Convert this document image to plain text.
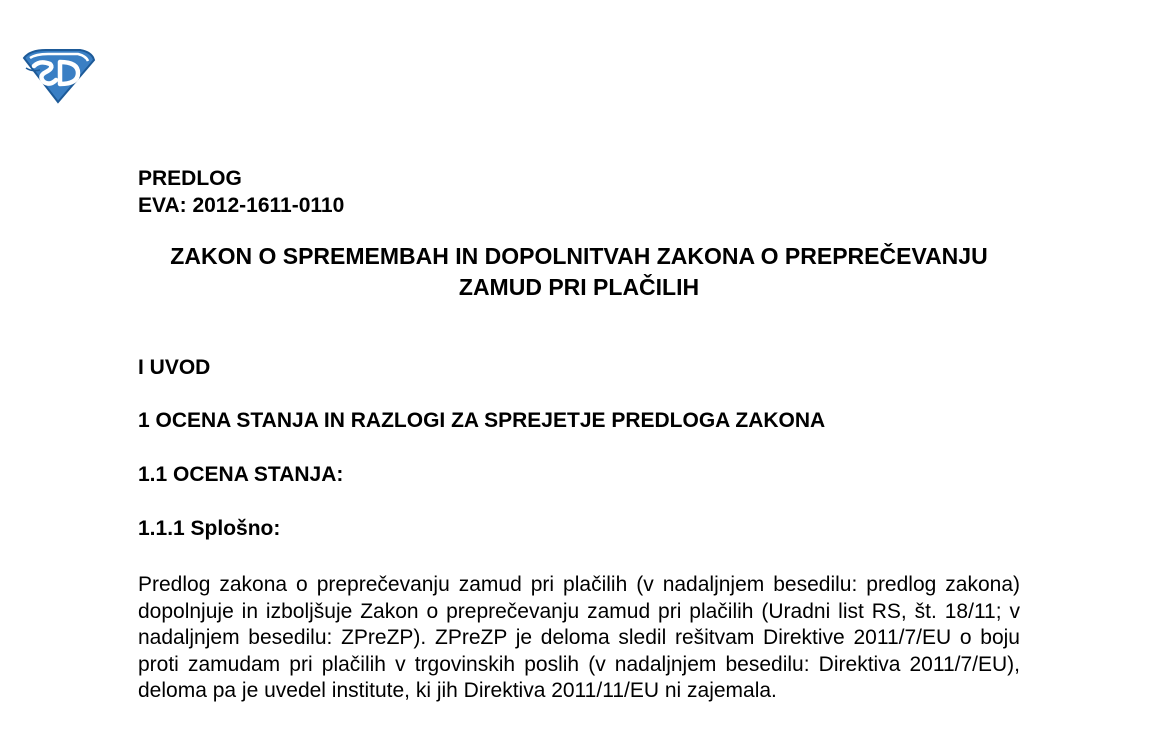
PREDLOG

EVA: 2012-1611-0110

ZAKON O SPREMEMBAH IN DOPOLNITVAH ZAKONA O PREPREČEVANJU ZAMUD PRI PLAČILIH

I UVOD

1 OCENA STANJA IN RAZLOGI ZA SPREJETJE PREDLOGA ZAKONA

1.1 OCENA STANJA:

1.1.1 Splošno:

Predlog zakona o preprečevanju zamud pri plačilih (v nadaljnjem besedilu: predlog zakona) dopolnjuje in izboljšuje Zakon o preprečevanju zamud pri plačilih (Uradni list RS, št. 18/11; v nadaljnjem besedilu: ZPreZP). ZPreZP je deloma sledil rešitvam Direktive 2011/7/EU o boju proti zamudam pri plačilih v trgovinskih poslih (v nadaljnjem besedilu: Direktiva 2011/7/EU), deloma pa je uvedel institute, ki jih Direktiva 2011/11/EU ni zajemala.
